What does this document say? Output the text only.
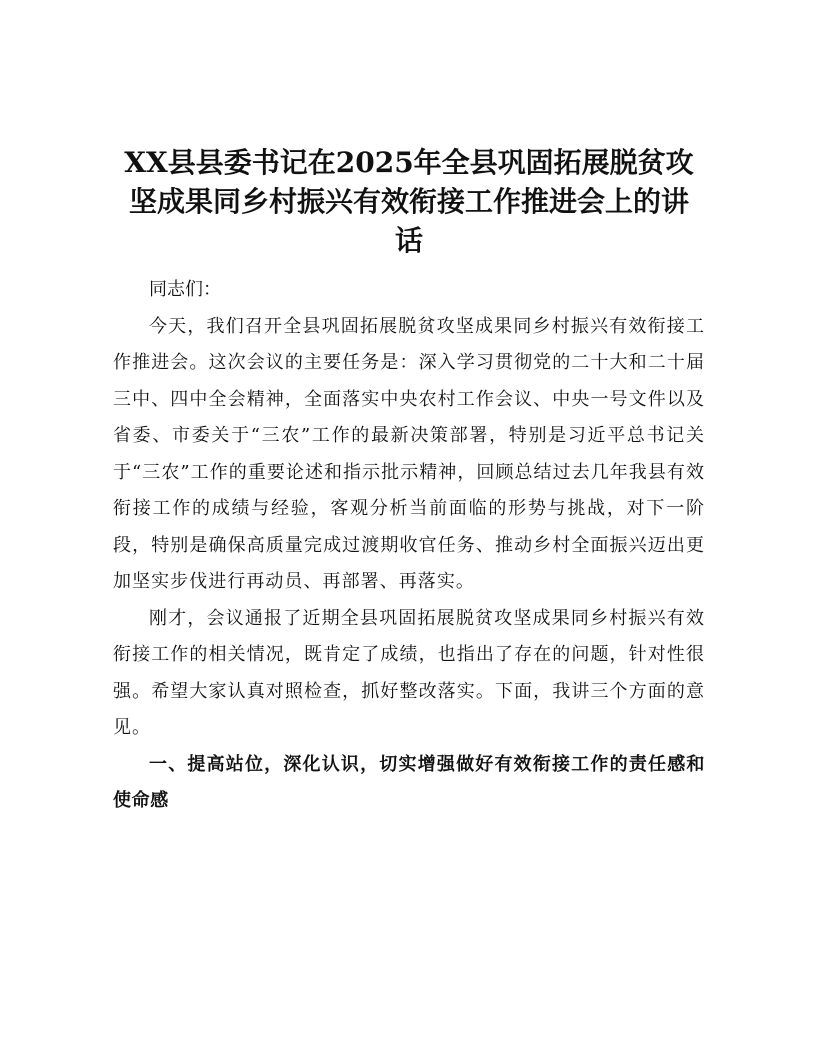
XX县县委书记在2025年全县巩固拓展脱贫攻
坚成果同乡村振兴有效衔接工作推进会上的讲
话

同志们：

今天，我们召开全县巩固拓展脱贫攻坚成果同乡村振兴有效衔接工作推进会。这次会议的主要任务是：深入学习贯彻党的二十大和二十届三中、四中全会精神，全面落实中央农村工作会议、中央一号文件以及省委、市委关于“三农”工作的最新决策部署，特别是习近平总书记关于“三农”工作的重要论述和指示批示精神，回顾总结过去几年我县有效衔接工作的成绩与经验，客观分析当前面临的形势与挑战，对下一阶段，特别是确保高质量完成过渡期收官任务、推动乡村全面振兴迈出更加坚实步伐进行再动员、再部署、再落实。

刚才，会议通报了近期全县巩固拓展脱贫攻坚成果同乡村振兴有效衔接工作的相关情况，既肯定了成绩，也指出了存在的问题，针对性很强。希望大家认真对照检查，抓好整改落实。下面，我讲三个方面的意见。

一、提高站位，深化认识，切实增强做好有效衔接工作的责任感和使命感
